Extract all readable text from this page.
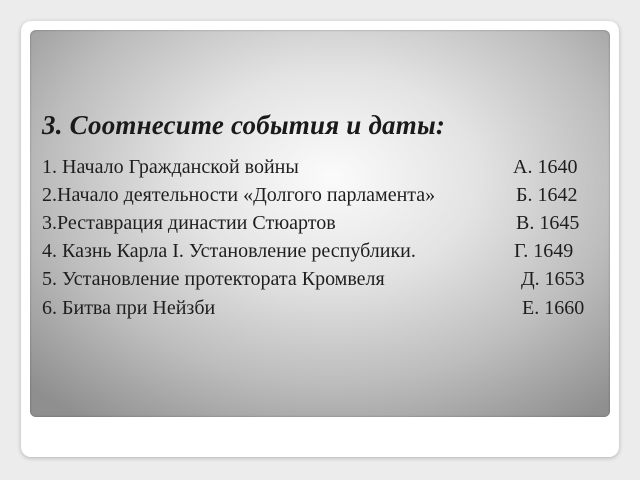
3. Соотнесите события и даты:
1. Начало Гражданской войны	А. 1640
2.Начало деятельности «Долгого парламента»	Б. 1642
3.Реставрация династии Стюартов	В. 1645
4. Казнь Карла I. Установление республики.	Г. 1649
5. Установление протектората Кромвеля	Д. 1653
6. Битва при Нейзби	Е. 1660
